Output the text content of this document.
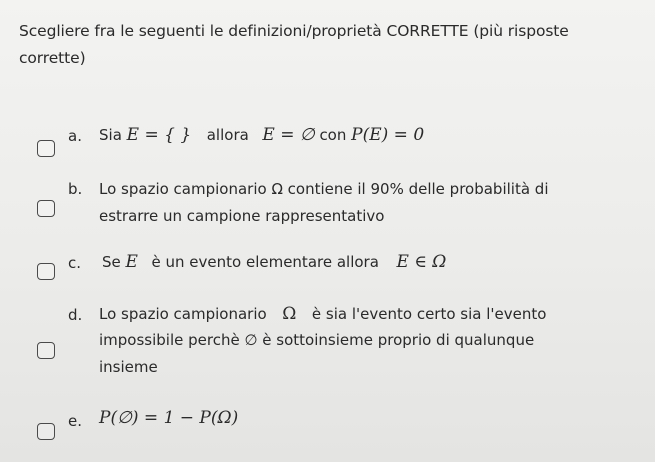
Scegliere fra le seguenti le definizioni/proprietà CORRETTE (più risposte corrette)
a. Sia E = { } allora E = ∅ con P(E) = 0
b. Lo spazio campionario Ω contiene il 90% delle probabilità di
estrarre un campione rappresentativo
c. Se E è un evento elementare allora E ∈ Ω
d. Lo spazio campionario Ω è sia l'evento certo sia l'evento
impossibile perchè ∅ è sottoinsieme proprio di qualunque
insieme
e. P(∅) = 1 − P(Ω)
